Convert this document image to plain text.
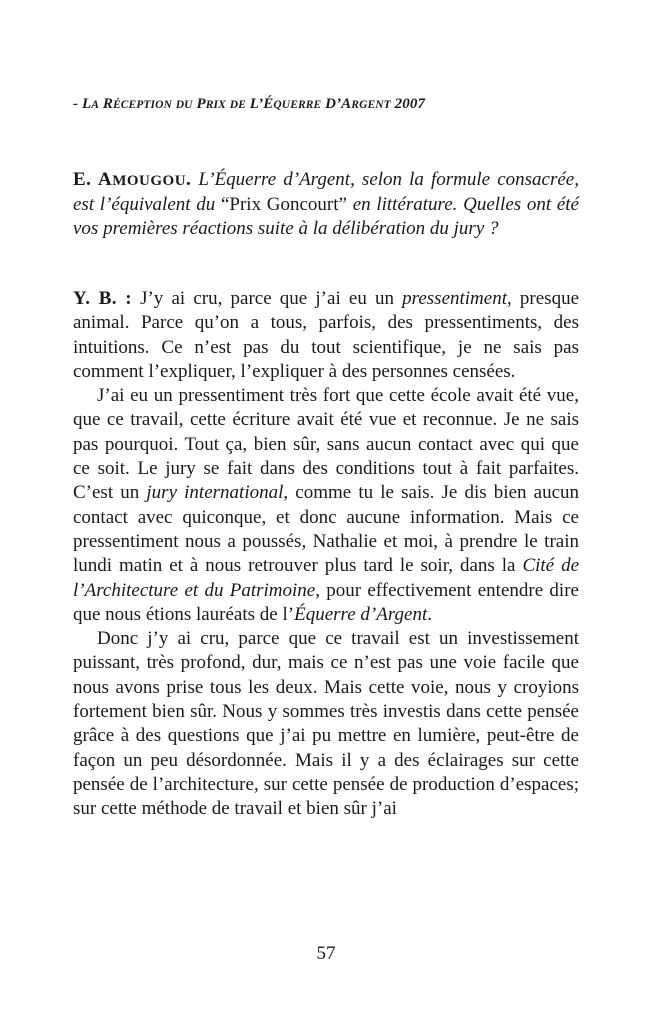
- LA RÉCEPTION DU PRIX DE L’ÉQUERRE D’ARGENT 2007

E. AMOUGOU. L’Équerre d’Argent, selon la formule consacrée, est l’équivalent du “Prix Goncourt” en littérature. Quelles ont été vos premières réactions suite à la délibération du jury ?

Y. B. : J’y ai cru, parce que j’ai eu un pressentiment, presque animal. Parce qu’on a tous, parfois, des pressentiments, des intuitions. Ce n’est pas du tout scientifique, je ne sais pas comment l’expliquer, l’expliquer à des personnes censées.

J’ai eu un pressentiment très fort que cette école avait été vue, que ce travail, cette écriture avait été vue et reconnue. Je ne sais pas pourquoi. Tout ça, bien sûr, sans aucun contact avec qui que ce soit. Le jury se fait dans des conditions tout à fait parfaites. C’est un jury international, comme tu le sais. Je dis bien aucun contact avec quiconque, et donc aucune information. Mais ce pressentiment nous a poussés, Nathalie et moi, à prendre le train lundi matin et à nous retrouver plus tard le soir, dans la Cité de l’Architecture et du Patrimoine, pour effectivement entendre dire que nous étions lauréats de l’Équerre d’Argent.

Donc j’y ai cru, parce que ce travail est un investissement puissant, très profond, dur, mais ce n’est pas une voie facile que nous avons prise tous les deux. Mais cette voie, nous y croyions fortement bien sûr. Nous y sommes très investis dans cette pensée grâce à des questions que j’ai pu mettre en lumière, peut-être de façon un peu désordonnée. Mais il y a des éclairages sur cette pensée de l’architecture, sur cette pensée de production d’espaces; sur cette méthode de travail et bien sûr j’ai

57
